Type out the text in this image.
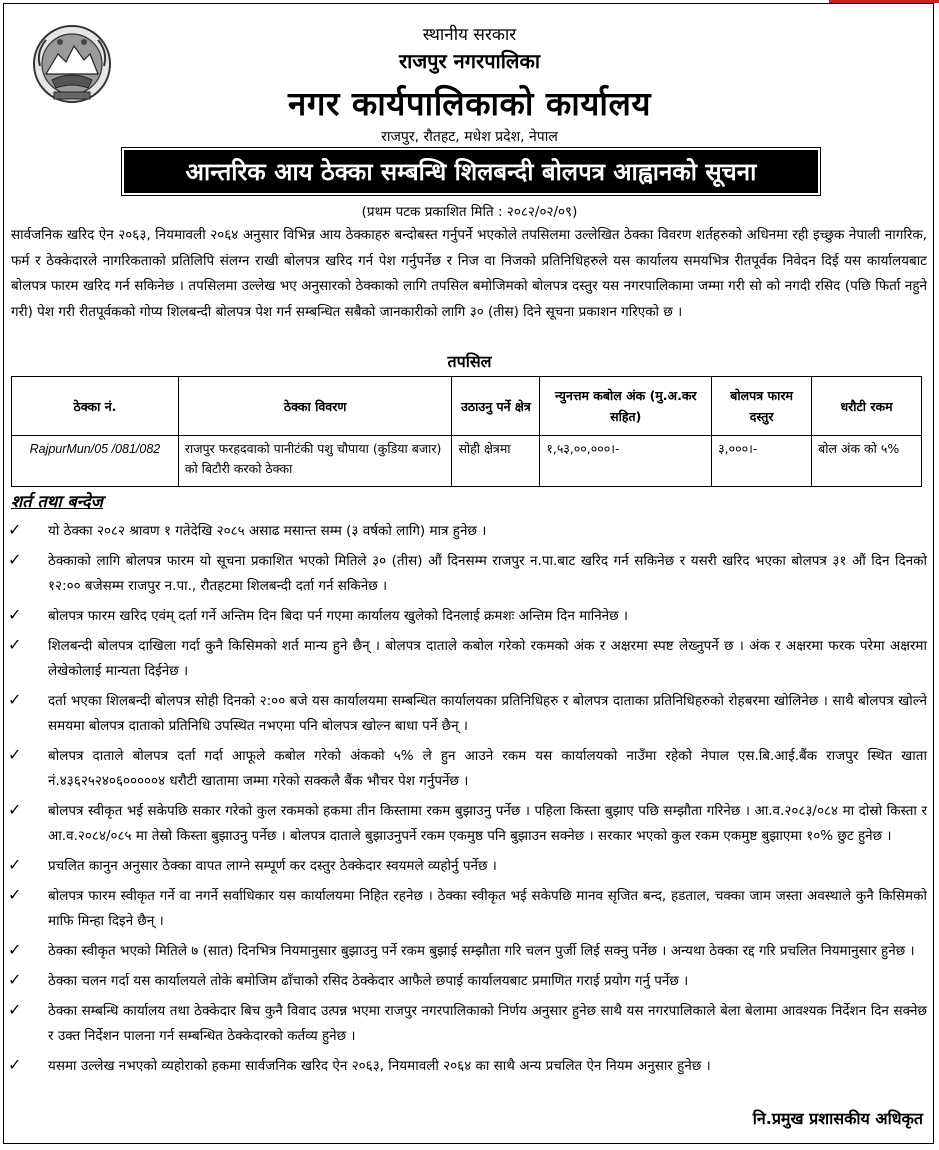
स्थानीय सरकार
राजपुर नगरपालिका
नगर कार्यपालिकाको कार्यालय
राजपुर, रौतहट, मधेश प्रदेश, नेपाल
आन्तरिक आय ठेक्का सम्बन्धि शिलबन्दी बोलपत्र आह्वानको सूचना
(प्रथम पटक प्रकाशित मिति : २०८२/०२/०९)
सार्वजनिक खरिद ऐन २०६३, नियमावली २०६४ अनुसार विभिन्न आय ठेक्काहरु बन्दोबस्त गर्नुपर्ने भएकोले तपसिलमा उल्लेखित ठेक्का विवरण शर्तहरुको अधिनमा रही इच्छुक नेपाली नागरिक, फर्म र ठेक्केदारले नागरिकताको प्रतिलिपि संलग्न राखी बोलपत्र खरिद गर्न पेश गर्नुपर्नेछ र निज वा निजको प्रतिनिधिहरुले यस कार्यालय समयभित्र रीतपूर्वक निवेदन दिई यस कार्यालयबाट बोलपत्र फारम खरिद गर्न सकिनेछ । तपसिलमा उल्लेख भए अनुसारको ठेक्काको लागि तपसिल बमोजिमको बोलपत्र दस्तुर यस नगरपालिकामा जम्मा गरी सो को नगदी रसिद (पछि फिर्ता नहुने गरी) पेश गरी रीतपूर्वकको गोप्य शिलबन्दी बोलपत्र पेश गर्न सम्बन्धित सबैको जानकारीको लागि ३० (तीस) दिने सूचना प्रकाशन गरिएको छ ।
तपसिल
ठेक्का नं.	ठेक्का विवरण	उठाउनु पर्ने क्षेत्र	न्युनत्तम कबोल अंक (मु.अ.कर सहित)	बोलपत्र फारम दस्तुर	धरौटी रकम
RajpurMun/05 /081/082	राजपुर फरहदवाको पानीटंकी पशु चौपाया (कुडिया बजार) को बिटौरी करको ठेक्का	सोही क्षेत्रमा	१,५३,००,०००।-	३,०००।-	बोल अंक को ५%
शर्त तथा बन्देज
✓	यो ठेक्का २०८२ श्रावण १ गतेदेखि २०८५ असाढ मसान्त सम्म (३ वर्षको लागि) मात्र हुनेछ ।
✓	ठेक्काको लागि बोलपत्र फारम यो सूचना प्रकाशित भएको मितिले ३० (तीस) औं दिनसम्म राजपुर न.पा.बाट खरिद गर्न सकिनेछ र यसरी खरिद भएका बोलपत्र ३१ औं दिन दिनको १२:०० बजेसम्म राजपुर न.पा., रौतहटमा शिलबन्दी दर्ता गर्न सकिनेछ ।
✓	बोलपत्र फारम खरिद एवंम् दर्ता गर्ने अन्तिम दिन बिदा पर्न गएमा कार्यालय खुलेको दिनलाई क्रमशः अन्तिम दिन मानिनेछ ।
✓	शिलबन्दी बोलपत्र दाखिला गर्दा कुनै किसिमको शर्त मान्य हुने छैन् । बोलपत्र दाताले कबोल गरेको रकमको अंक र अक्षरमा स्पष्ट लेख्नुपर्ने छ । अंक र अक्षरमा फरक परेमा अक्षरमा लेखेकोलाई मान्यता दिईनेछ ।
✓	दर्ता भएका शिलबन्दी बोलपत्र सोही दिनको २:०० बजे यस कार्यालयमा सम्बन्धित कार्यालयका प्रतिनिधिहरु र बोलपत्र दाताका प्रतिनिधिहरुको रोहबरमा खोलिनेछ । साथै बोलपत्र खोल्ने समयमा बोलपत्र दाताको प्रतिनिधि उपस्थित नभएमा पनि बोलपत्र खोल्न बाधा पर्ने छैन् ।
✓	बोलपत्र दाताले बोलपत्र दर्ता गर्दा आफूले कबोल गरेको अंकको ५% ले हुन आउने रकम यस कार्यालयको नाउँमा रहेको नेपाल एस.बि.आई.बैंक राजपुर स्थित खाता नं.४३६२५२४०६०००००४ धरौटी खातामा जम्मा गरेको सक्कलै बैंक भौचर पेश गर्नुपर्नेछ ।
✓	बोलपत्र स्वीकृत भई सकेपछि सकार गरेको कुल रकमको हकमा तीन किस्तामा रकम बुझाउनु पर्नेछ । पहिला किस्ता बुझाए पछि सम्झौता गरिनेछ । आ.व.२०८३/०८४ मा दोस्रो किस्ता र आ.व.२०८४/०८५ मा तेस्रो किस्ता बुझाउनु पर्नेछ । बोलपत्र दाताले बुझाउनुपर्ने रकम एकमुष्ठ पनि बुझाउन सक्नेछ । सरकार भएको कुल रकम एकमुष्ट बुझाएमा १०% छुट हुनेछ ।
✓	प्रचलित कानुन अनुसार ठेक्का वापत लाग्ने सम्पूर्ण कर दस्तुर ठेक्केदार स्वयमले व्यहोर्नु पर्नेछ ।
✓	बोलपत्र फारम स्वीकृत गर्ने वा नगर्ने सर्वाधिकार यस कार्यालयमा निहित रहनेछ । ठेक्का स्वीकृत भई सकेपछि मानव सृजित बन्द, हडताल, चक्का जाम जस्ता अवस्थाले कुनै किसिमको माफि मिन्हा दिइने छैन् ।
✓	ठेक्का स्वीकृत भएको मितिले ७ (सात) दिनभित्र नियमानुसार बुझाउनु पर्ने रकम बुझाई सम्झौता गरि चलन पुर्जी लिई सक्नु पर्नेछ । अन्यथा ठेक्का रद्द गरि प्रचलित नियमानुसार हुनेछ ।
✓	ठेक्का चलन गर्दा यस कार्यालयले तोके बमोजिम ढाँचाको रसिद ठेक्केदार आफैले छपाई कार्यालयबाट प्रमाणित गराई प्रयोग गर्नु पर्नेछ ।
✓	ठेक्का सम्बन्धि कार्यालय तथा ठेक्केदार बिच कुनै विवाद उत्पन्न भएमा राजपुर नगरपालिकाको निर्णय अनुसार हुनेछ साथै यस नगरपालिकाले बेला बेलामा आवश्यक निर्देशन दिन सक्नेछ र उक्त निर्देशन पालना गर्न सम्बन्धित ठेक्केदारको कर्तव्य हुनेछ ।
✓	यसमा उल्लेख नभएको व्यहोराको हकमा सार्वजनिक खरिद ऐन २०६३, नियमावली २०६४ का साथै अन्य प्रचलित ऐन नियम अनुसार हुनेछ ।
नि.प्रमुख प्रशासकीय अधिकृत
